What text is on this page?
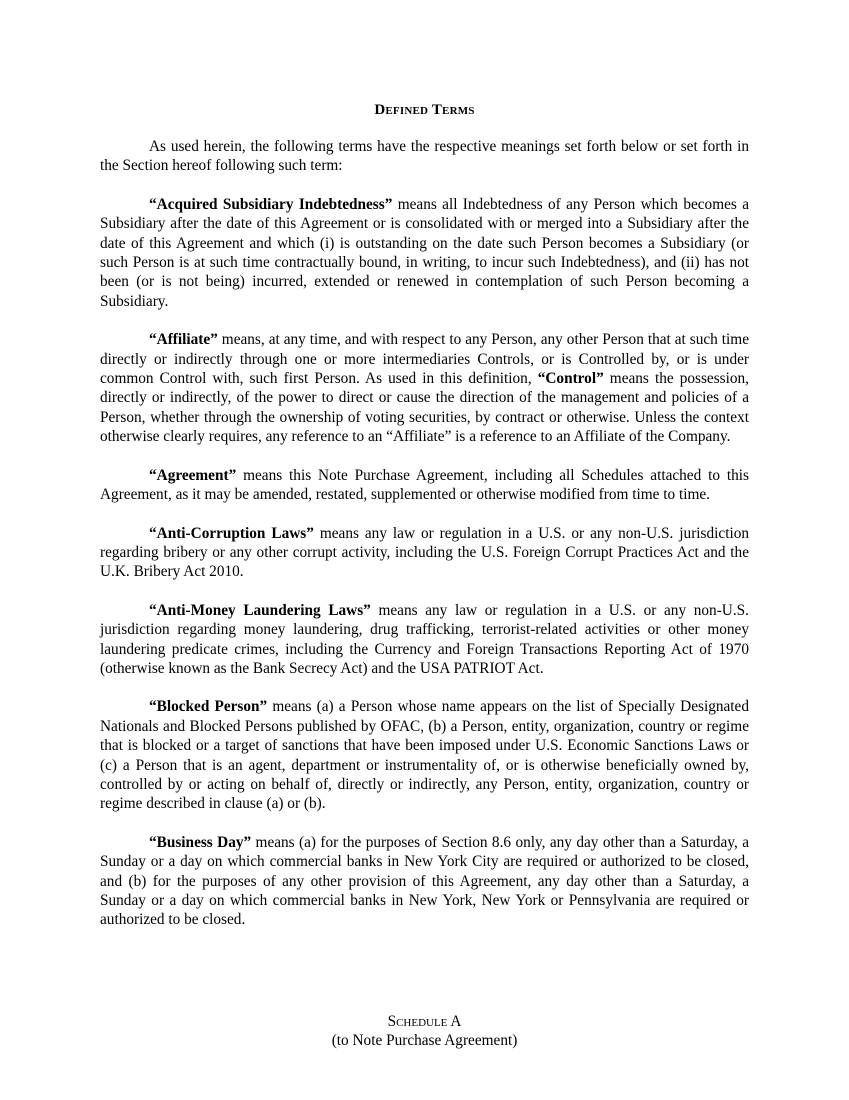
Defined Terms

As used herein, the following terms have the respective meanings set forth below or set forth in the Section hereof following such term:

“Acquired Subsidiary Indebtedness” means all Indebtedness of any Person which becomes a Subsidiary after the date of this Agreement or is consolidated with or merged into a Subsidiary after the date of this Agreement and which (i) is outstanding on the date such Person becomes a Subsidiary (or such Person is at such time contractually bound, in writing, to incur such Indebtedness), and (ii) has not been (or is not being) incurred, extended or renewed in contemplation of such Person becoming a Subsidiary.

“Affiliate” means, at any time, and with respect to any Person, any other Person that at such time directly or indirectly through one or more intermediaries Controls, or is Controlled by, or is under common Control with, such first Person. As used in this definition, “Control” means the possession, directly or indirectly, of the power to direct or cause the direction of the management and policies of a Person, whether through the ownership of voting securities, by contract or otherwise. Unless the context otherwise clearly requires, any reference to an “Affiliate” is a reference to an Affiliate of the Company.

“Agreement” means this Note Purchase Agreement, including all Schedules attached to this Agreement, as it may be amended, restated, supplemented or otherwise modified from time to time.

“Anti-Corruption Laws” means any law or regulation in a U.S. or any non-U.S. jurisdiction regarding bribery or any other corrupt activity, including the U.S. Foreign Corrupt Practices Act and the U.K. Bribery Act 2010.

“Anti-Money Laundering Laws” means any law or regulation in a U.S. or any non-U.S. jurisdiction regarding money laundering, drug trafficking, terrorist-related activities or other money laundering predicate crimes, including the Currency and Foreign Transactions Reporting Act of 1970 (otherwise known as the Bank Secrecy Act) and the USA PATRIOT Act.

“Blocked Person” means (a) a Person whose name appears on the list of Specially Designated Nationals and Blocked Persons published by OFAC, (b) a Person, entity, organization, country or regime that is blocked or a target of sanctions that have been imposed under U.S. Economic Sanctions Laws or (c) a Person that is an agent, department or instrumentality of, or is otherwise beneficially owned by, controlled by or acting on behalf of, directly or indirectly, any Person, entity, organization, country or regime described in clause (a) or (b).

“Business Day” means (a) for the purposes of Section 8.6 only, any day other than a Saturday, a Sunday or a day on which commercial banks in New York City are required or authorized to be closed, and (b) for the purposes of any other provision of this Agreement, any day other than a Saturday, a Sunday or a day on which commercial banks in New York, New York or Pennsylvania are required or authorized to be closed.

Schedule A
(to Note Purchase Agreement)
